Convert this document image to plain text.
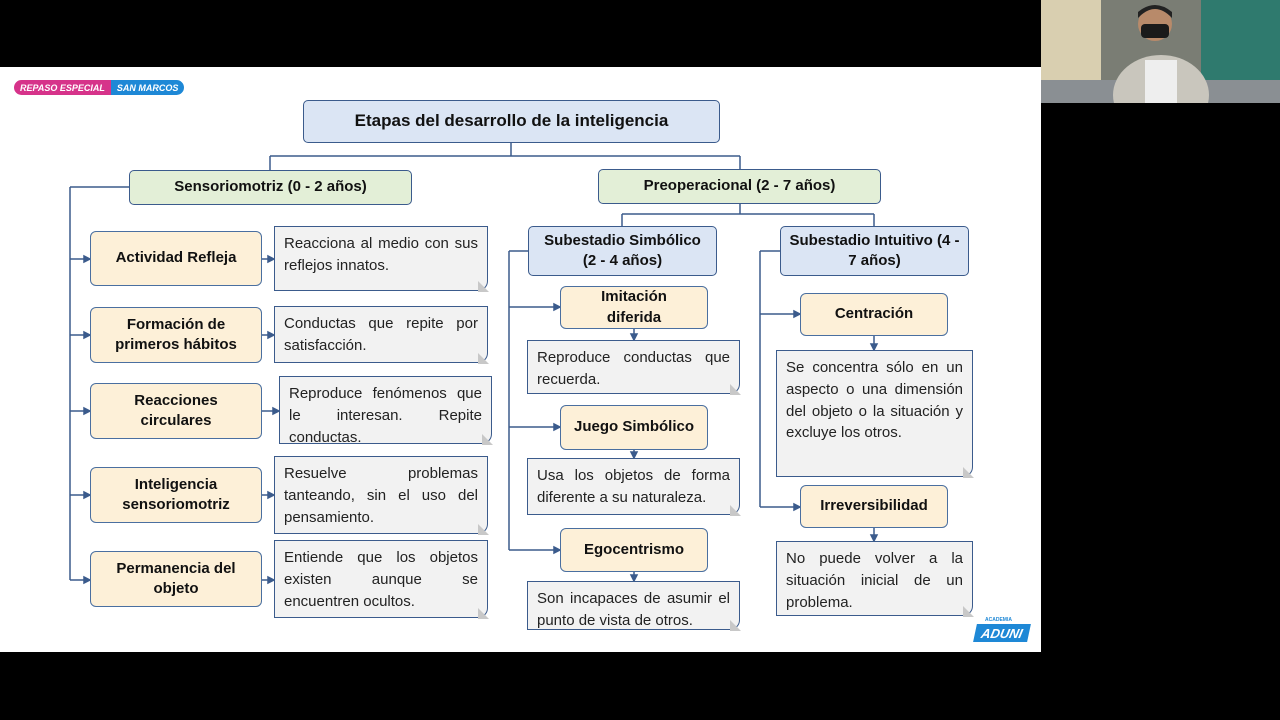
REPASO ESPECIAL	SAN MARCOS
Etapas del desarrollo de la inteligencia
Sensoriomotriz (0 - 2 años)	Preoperacional (2 - 7 años)
Actividad Refleja
Formación de primeros hábitos
Reacciones circulares
Inteligencia sensoriomotriz
Permanencia del objeto
Reacciona al medio con sus reflejos innatos.
Conductas que repite por satisfacción.
Reproduce fenómenos que le interesan. Repite conductas.
Resuelve problemas tanteando, sin el uso del pensamiento.
Entiende que los objetos existen aunque se encuentren ocultos.
Subestadio Simbólico (2 - 4 años)
Subestadio Intuitivo (4 - 7 años)
Imitación diferida
Juego Simbólico
Egocentrismo
Reproduce conductas que recuerda.
Usa los objetos de forma diferente a su naturaleza.
Son incapaces de asumir el punto de vista de otros.
Centración
Irreversibilidad
Se concentra sólo en un aspecto o una dimensión del objeto o la situación y excluye los otros.
No puede volver a la situación inicial de un problema.
ACADEMIA
ADUNI
